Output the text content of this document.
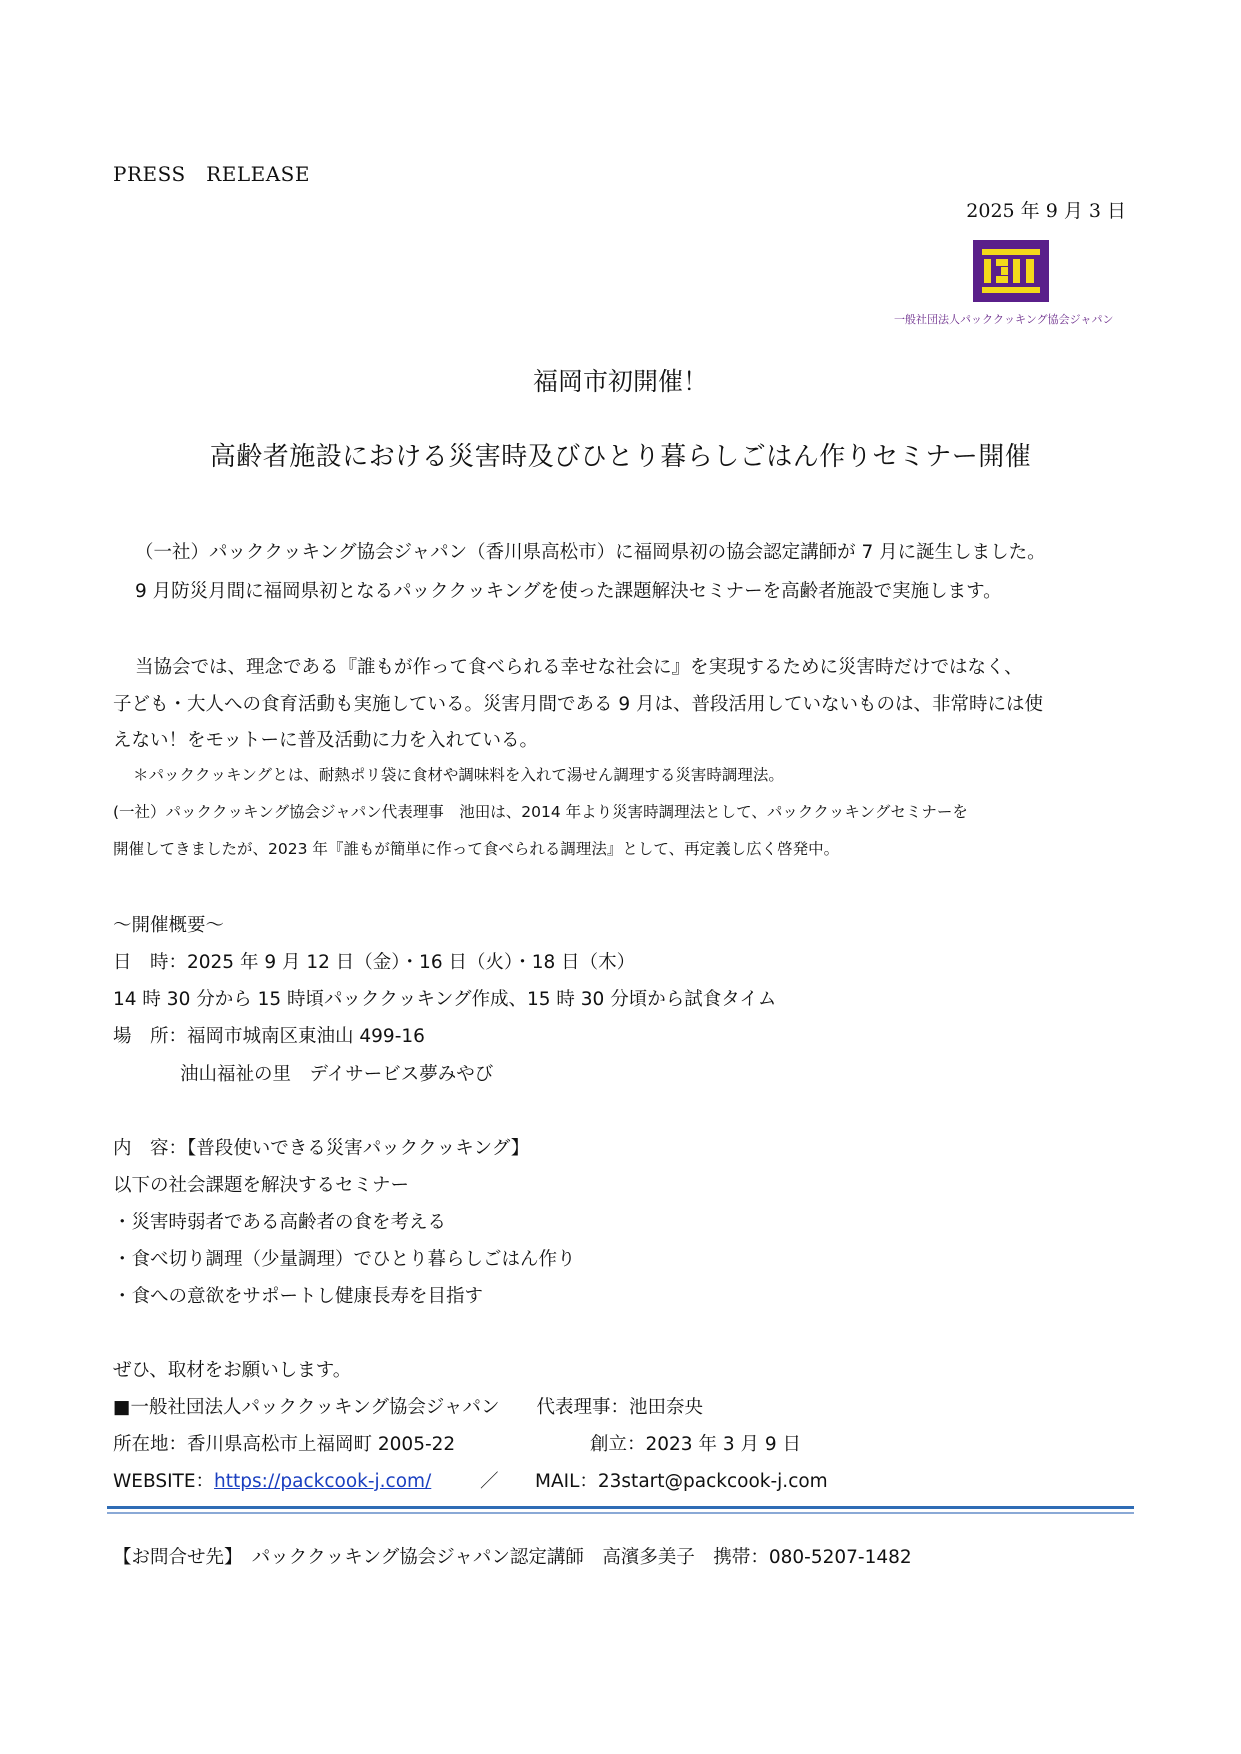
PRESS　RELEASE
2025 年 9 月 3 日
一般社団法人パッククッキング協会ジャパン
福岡市初開催！
高齢者施設における災害時及びひとり暮らしごはん作りセミナー開催
（一社）パッククッキング協会ジャパン（香川県高松市）に福岡県初の協会認定講師が 7 月に誕生しました。
9 月防災月間に福岡県初となるパッククッキングを使った課題解決セミナーを高齢者施設で実施します。
当協会では、理念である『誰もが作って食べられる幸せな社会に』を実現するために災害時だけではなく、
子ども・大人への食育活動も実施している。災害月間である 9 月は、普段活用していないものは、非常時には使
えない！をモットーに普及活動に力を入れている。
＊パッククッキングとは、耐熱ポリ袋に食材や調味料を入れて湯せん調理する災害時調理法。
(一社）パッククッキング協会ジャパン代表理事　池田は、2014 年より災害時調理法として、パッククッキングセミナーを
開催してきましたが、2023 年『誰もが簡単に作って食べられる調理法』として、再定義し広く啓発中。
～開催概要～
日　時：2025 年 9 月 12 日（金）・16 日（火）・18 日（木）
14 時 30 分から 15 時頃パッククッキング作成、15 時 30 分頃から試食タイム
場　所：福岡市城南区東油山 499-16
油山福祉の里　デイサービス夢みやび
内　容：【普段使いできる災害パッククッキング】
以下の社会課題を解決するセミナー
・災害時弱者である高齢者の食を考える
・食べ切り調理（少量調理）でひとり暮らしごはん作り
・食への意欲をサポートし健康長寿を目指す
ぜひ、取材をお願いします。
■一般社団法人パッククッキング協会ジャパン　　代表理事：池田奈央
所在地：香川県高松市上福岡町 2005-22	創立：2023 年 3 月 9 日
WEBSITE：https://packcook-j.com/	／ MAIL：23start@packcook-j.com
【お問合せ先】　パッククッキング協会ジャパン認定講師　高濱多美子　携帯：080-5207-1482
